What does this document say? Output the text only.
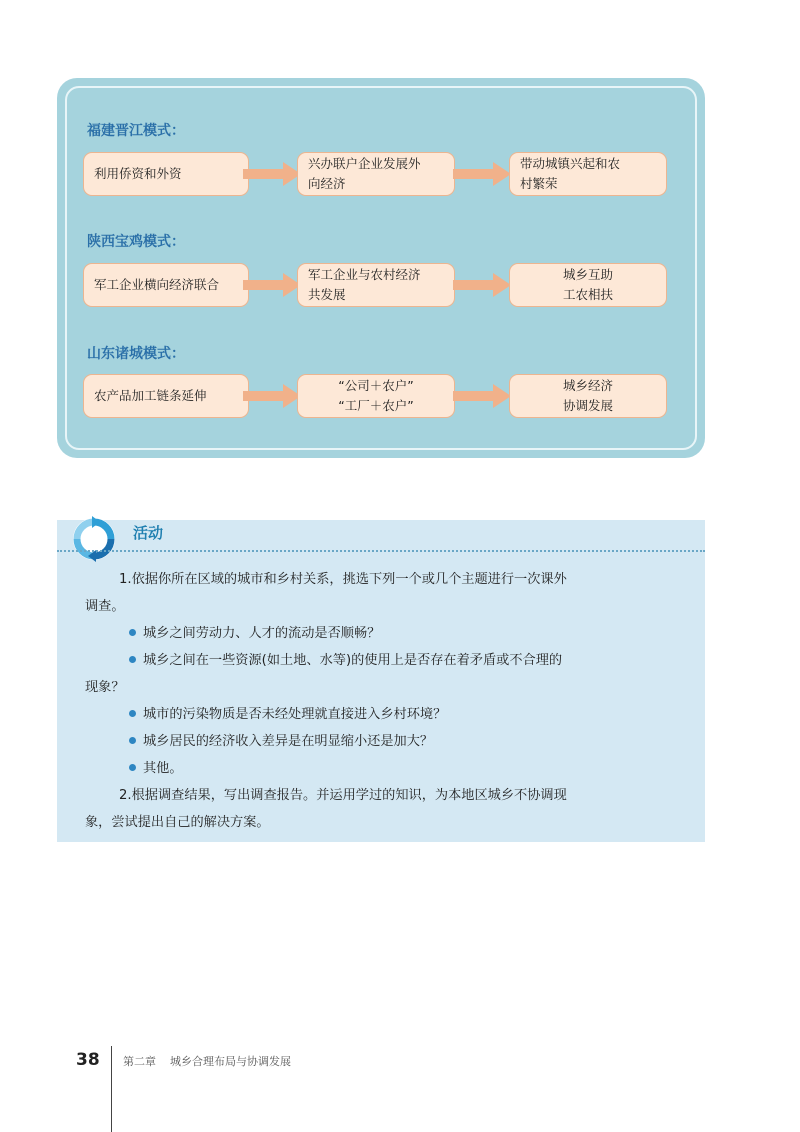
福建晋江模式：
利用侨资和外资
兴办联户企业发展外
向经济
带动城镇兴起和农
村繁荣
陕西宝鸡模式：
军工企业横向经济联合
军工企业与农村经济
共发展
城乡互助
工农相扶
山东诸城模式：
农产品加工链条延伸
“公司＋农户”
“工厂＋农户”
城乡经济
协调发展
活动
1.依据你所在区域的城市和乡村关系，挑选下列一个或几个主题进行一次课外
调查。
城乡之间劳动力、人才的流动是否顺畅？
城乡之间在一些资源(如土地、水等)的使用上是否存在着矛盾或不合理的
现象？
城市的污染物质是否未经处理就直接进入乡村环境？
城乡居民的经济收入差异是在明显缩小还是加大？
其他。
2.根据调查结果，写出调查报告。并运用学过的知识，为本地区城乡不协调现
象，尝试提出自己的解决方案。
38 第二章 城乡合理布局与协调发展
